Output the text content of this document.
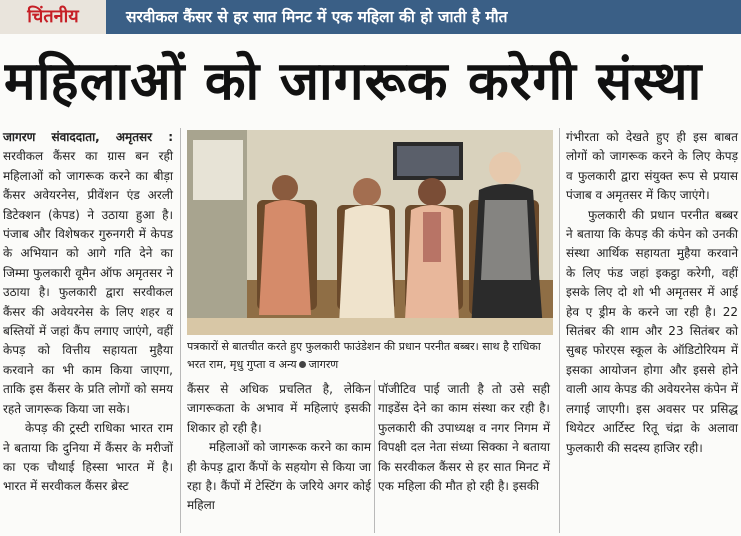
चिंतनीय	सरवीकल कैंसर से हर सात मिनट में एक महिला की हो जाती है मौत
महिलाओं को जागरूक करेगी संस्था

जागरण संवाददाता, अमृतसर : सरवीकल कैंसर का ग्रास बन रही महिलाओं को जागरूक करने का बीड़ा कैंसर अवेयरनेस, प्रीवेंशन एंड अरली डिटेक्शन (केपड) ने उठाया हुआ है। पंजाब और विशेषकर गुरुनगरी में केपड के अभियान को आगे गति देने का जिम्मा फुलकारी वूमैन ऑफ अमृतसर ने उठाया है। फुलकारी द्वारा सरवीकल कैंसर की अवेयरनेस के लिए शहर व बस्तियों में जहां कैंप लगाए जाएंगे, वहीं केपड़ को वित्तीय सहायता मुहैया करवाने का भी काम किया जाएगा, ताकि इस कैंसर के प्रति लोगों को समय रहते जागरूक किया जा सके।

केपड़ की ट्रस्टी राधिका भारत राम ने बताया कि दुनिया में कैंसर के मरीजों का एक चौथाई हिस्सा भारत में है। भारत में सरवीकल कैंसर ब्रेस्ट

पत्रकारों से बातचीत करते हुए फुलकारी फाउंडेशन की प्रधान परनीत बब्बर। साथ है राधिका भरत राम, मृधु गुप्ता व अन्य जागरण

कैंसर से अधिक प्रचलित है, लेकिन जागरूकता के अभाव में महिलाएं इसकी शिकार हो रही है।

महिलाओं को जागरूक करने का काम ही केपड़ द्वारा कैंपों के सहयोग से किया जा रहा है। कैंपों में टेस्टिंग के जरिये अगर कोई महिला

पॉजीटिव पाई जाती है तो उसे सही गाइडेंस देने का काम संस्था कर रही है। फुलकारी की उपाध्यक्ष व नगर निगम में विपक्षी दल नेता संध्या सिक्का ने बताया कि सरवीकल कैंसर से हर सात मिनट में एक महिला की मौत हो रही है। इसकी

गंभीरता को देखते हुए ही इस बाबत लोगों को जागरूक करने के लिए केपड़ व फुलकारी द्वारा संयुक्त रूप से प्रयास पंजाब व अमृतसर में किए जाएंगे।

फुलकारी की प्रधान परनीत बब्बर ने बताया कि केपड़ की कंपेन को उनकी संस्था आर्थिक सहायता मुहैया करवाने के लिए फंड जहां इकट्ठा करेगी, वहीं इसके लिए दो शो भी अमृतसर में आई हेव ए ड्रीम के करने जा रही है। 22 सितंबर की शाम और 23 सितंबर को सुबह फोरएस स्कूल के ऑडिटोरियम में इसका आयोजन होगा और इससे होने वाली आय केपड की अवेयरनेस कंपेन में लगाई जाएगी। इस अवसर पर प्रसिद्ध थियेटर आर्टिस्ट रितू चंद्रा के अलावा फुलकारी की सदस्य हाजिर रही।
